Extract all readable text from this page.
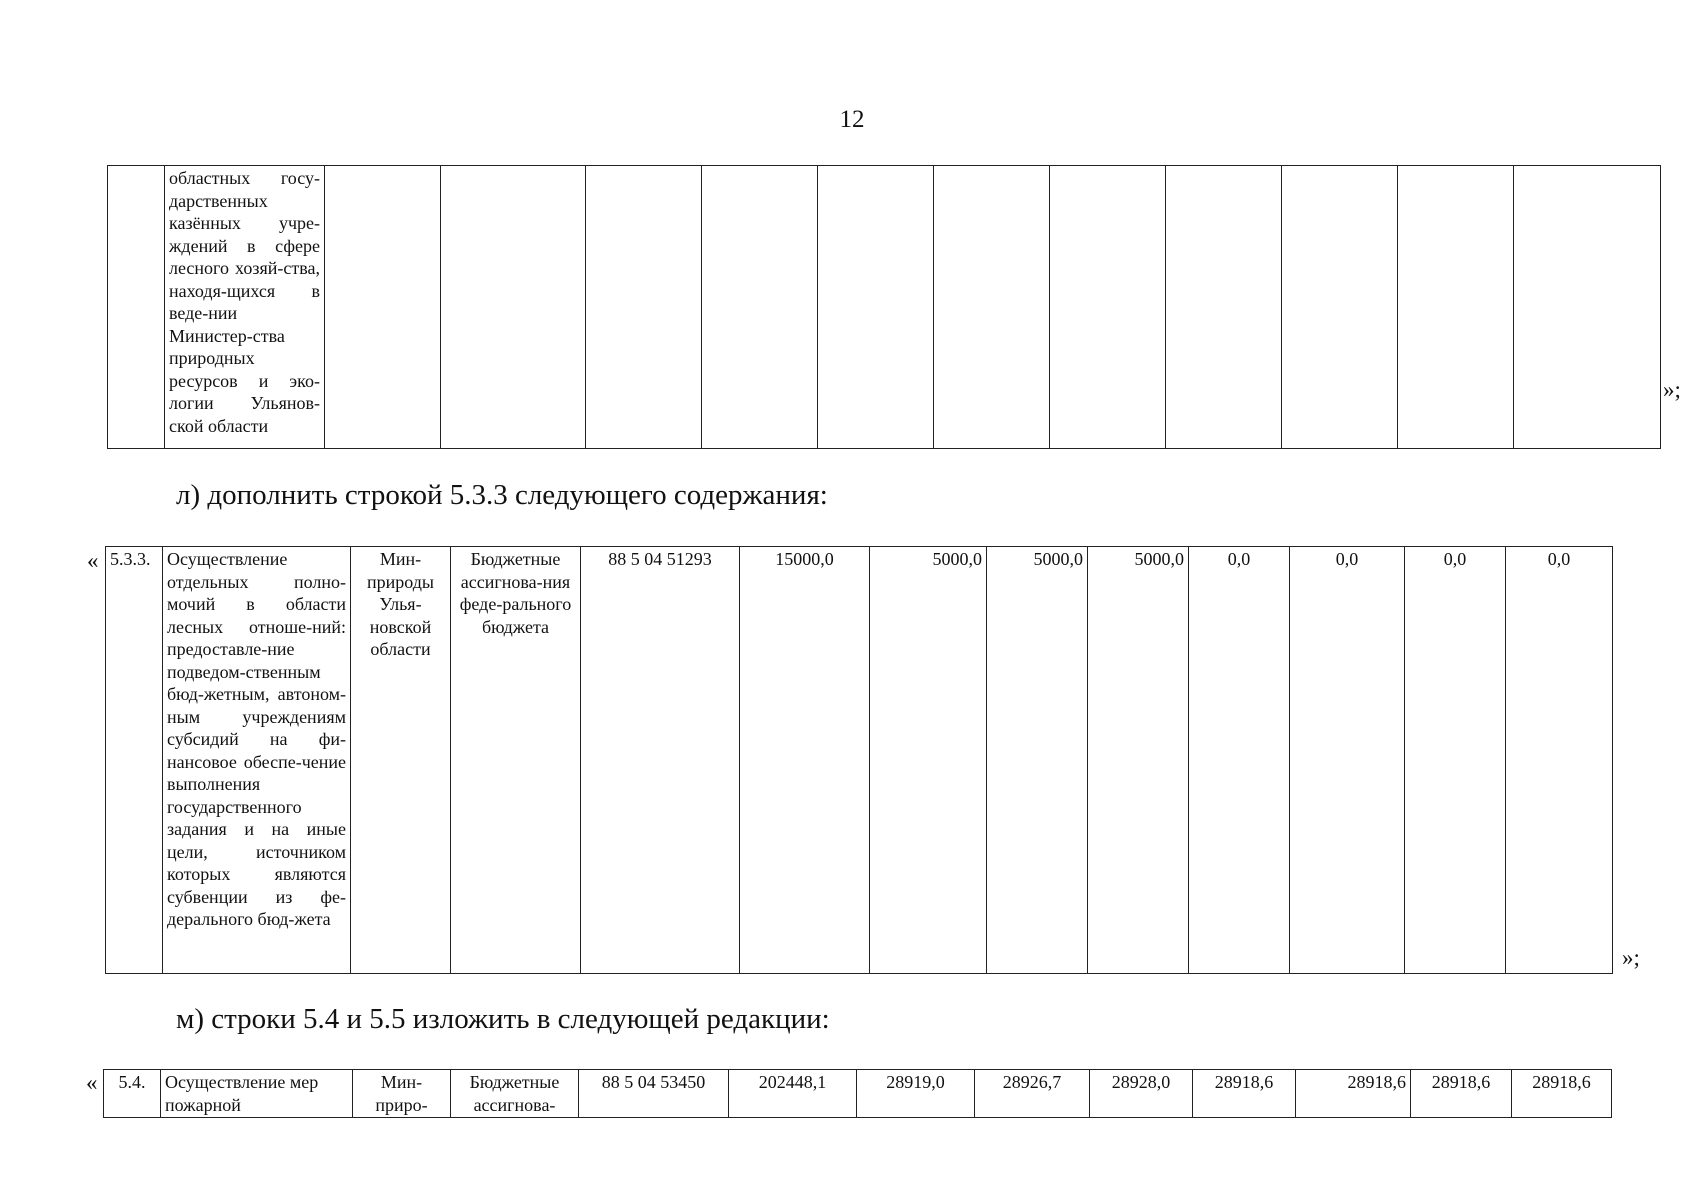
12
	областных госу-дарственных казённых учре-ждений в сфере лесного хозяй-ства, находя-щихся в веде-нии Министер-ства природных ресурсов и эко-логии Ульянов-ской области											
»;
л) дополнить строкой 5.3.3 следующего содержания:
« 5.3.3.	Осуществление отдельных полно-мочий в области лесных отноше-ний: предоставле-ние подведом-ственным бюд-жетным, автоном-ным учреждениям субсидий на фи-нансовое обеспе-чение выполнения государственного задания и на иные цели, источником которых являются субвенции из фе-дерального бюд-жета	Мин-природы Улья-новской области	Бюджетные ассигнова-ния феде-рального бюджета	88 5 04 51293	15000,0	5000,0	5000,0	5000,0	0,0	0,0	0,0	0,0
»;
м) строки 5.4 и 5.5 изложить в следующей редакции:
« 5.4.	Осуществление мер пожарной	Мин-приро-	Бюджетные ассигнова-	88 5 04 53450	202448,1	28919,0	28926,7	28928,0	28918,6	28918,6	28918,6	28918,6
